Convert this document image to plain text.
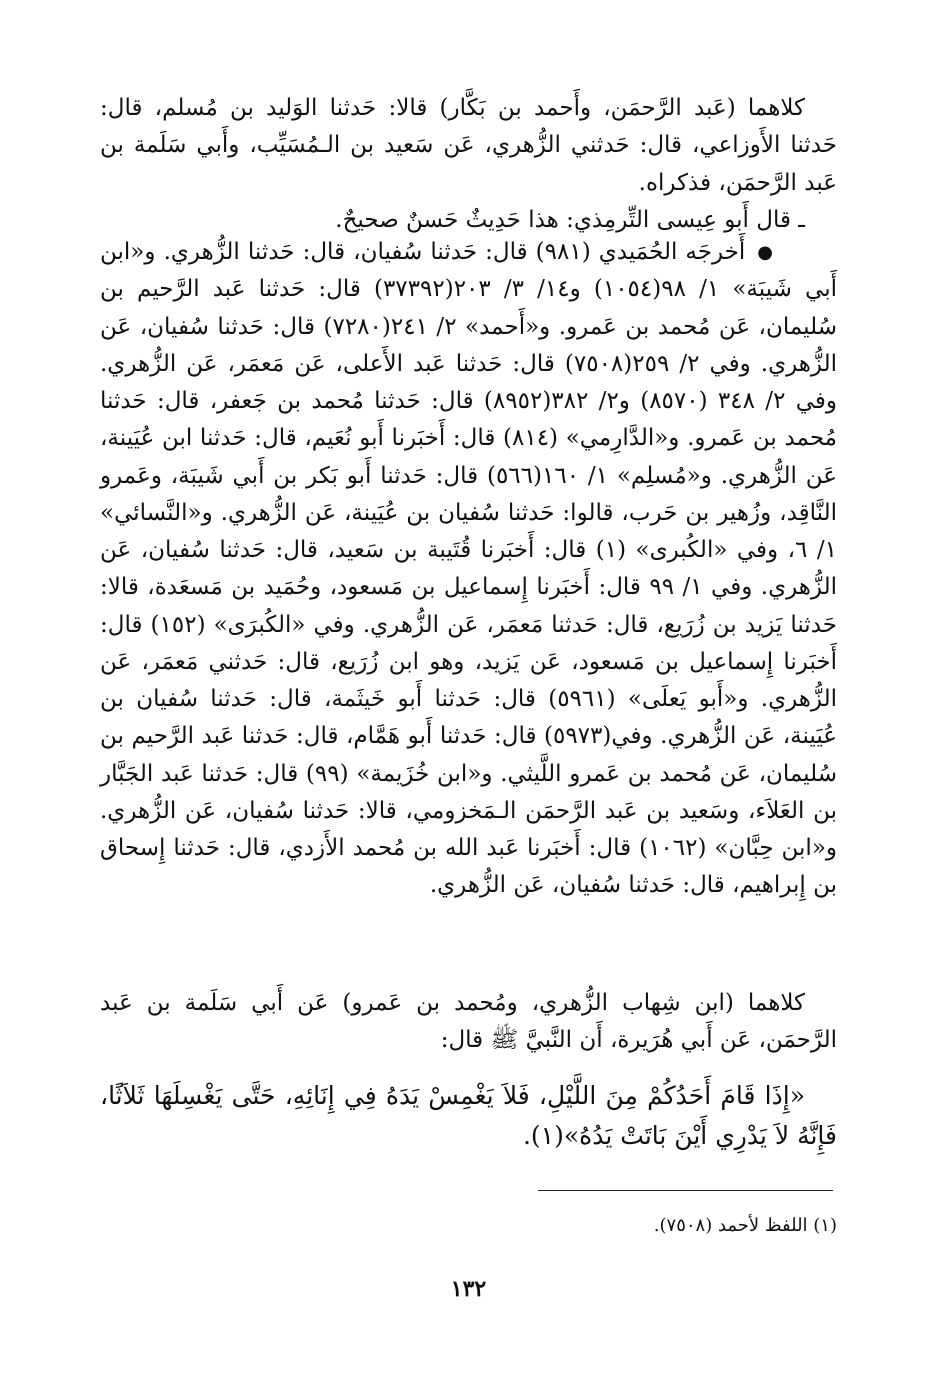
كلاهما (عَبد الرَّحمَن، وأَحمد بن بَكَّار) قالا: حَدثنا الوَليد بن مُسلم، قال: حَدثنا الأَوزاعي، قال: حَدثني الزُّهري، عَن سَعيد بن الـمُسَيِّب، وأَبي سَلَمة بن عَبد الرَّحمَن، فذكراه.

ـ قال أَبو عِيسى التِّرمِذي: هذا حَدِيثٌ حَسنٌ صحيحٌ.

●أَخرجَه الحُمَيدي (٩٨١) قال: حَدثنا سُفيان، قال: حَدثنا الزُّهري. و«ابن أَبي شَيبَة» ١/ ٩٨(١٠٥٤) و١٤/ ٣/ ٢٠٣(٣٧٣٩٢) قال: حَدثنا عَبد الرَّحيم بن سُليمان، عَن مُحمد بن عَمرو. و«أَحمد» ٢/ ٢٤١(٧٢٨٠) قال: حَدثنا سُفيان، عَن الزُّهري. وفي ٢/ ٢٥٩(٧٥٠٨) قال: حَدثنا عَبد الأَعلى، عَن مَعمَر، عَن الزُّهري. وفي ٢/ ٣٤٨ (٨٥٧٠) و٢/ ٣٨٢(٨٩٥٢) قال: حَدثنا مُحمد بن جَعفر، قال: حَدثنا مُحمد بن عَمرو. و«الدَّارِمي» (٨١٤) قال: أَخبَرنا أَبو نُعَيم، قال: حَدثنا ابن عُيَينة، عَن الزُّهري. و«مُسلِم» ١/ ١٦٠(٥٦٦) قال: حَدثنا أَبو بَكر بن أَبي شَيبَة، وعَمرو النَّاقِد، وزُهير بن حَرب، قالوا: حَدثنا سُفيان بن عُيَينة، عَن الزُّهري. و«النَّسائي» ١/ ٦، وفي «الكُبرى» (١) قال: أَخبَرنا قُتَيبة بن سَعيد، قال: حَدثنا سُفيان، عَن الزُّهري. وفي ١/ ٩٩ قال: أَخبَرنا إِسماعيل بن مَسعود، وحُمَيد بن مَسعَدة، قالا: حَدثنا يَزيد بن زُرَيع، قال: حَدثنا مَعمَر، عَن الزُّهري. وفي «الكُبرَى» (١٥٢) قال: أَخبَرنا إِسماعيل بن مَسعود، عَن يَزيد، وهو ابن زُرَيع، قال: حَدثني مَعمَر، عَن الزُّهري. و«أَبو يَعلَى» (٥٩٦١) قال: حَدثنا أَبو خَيثَمة، قال: حَدثنا سُفيان بن عُيَينة، عَن الزُّهري. وفي(٥٩٧٣) قال: حَدثنا أَبو هَمَّام، قال: حَدثنا عَبد الرَّحيم بن سُليمان، عَن مُحمد بن عَمرو اللَّيثي. و«ابن خُزَيمة» (٩٩) قال: حَدثنا عَبد الجَبَّار بن العَلاَء، وسَعيد بن عَبد الرَّحمَن الـمَخزومي، قالا: حَدثنا سُفيان، عَن الزُّهري. و«ابن حِبَّان» (١٠٦٢) قال: أَخبَرنا عَبد الله بن مُحمد الأَزدي، قال: حَدثنا إِسحاق بن إِبراهيم، قال: حَدثنا سُفيان، عَن الزُّهري.

كلاهما (ابن شِهاب الزُّهري، ومُحمد بن عَمرو) عَن أَبي سَلَمة بن عَبد الرَّحمَن، عَن أَبي هُرَيرة، أَن النَّبيَّ ﷺ قال:

«إِذَا قَامَ أَحَدُكُمْ مِنَ اللَّيْلِ، فَلاَ يَغْمِسْ يَدَهُ فِي إِنَائِهِ، حَتَّى يَغْسِلَهَا ثَلاَثًا، فَإِنَّهُ لاَ يَدْرِي أَيْنَ بَاتَتْ يَدُهُ»(١).

(١) اللفظ لأحمد (٧٥٠٨).
١٣٢
